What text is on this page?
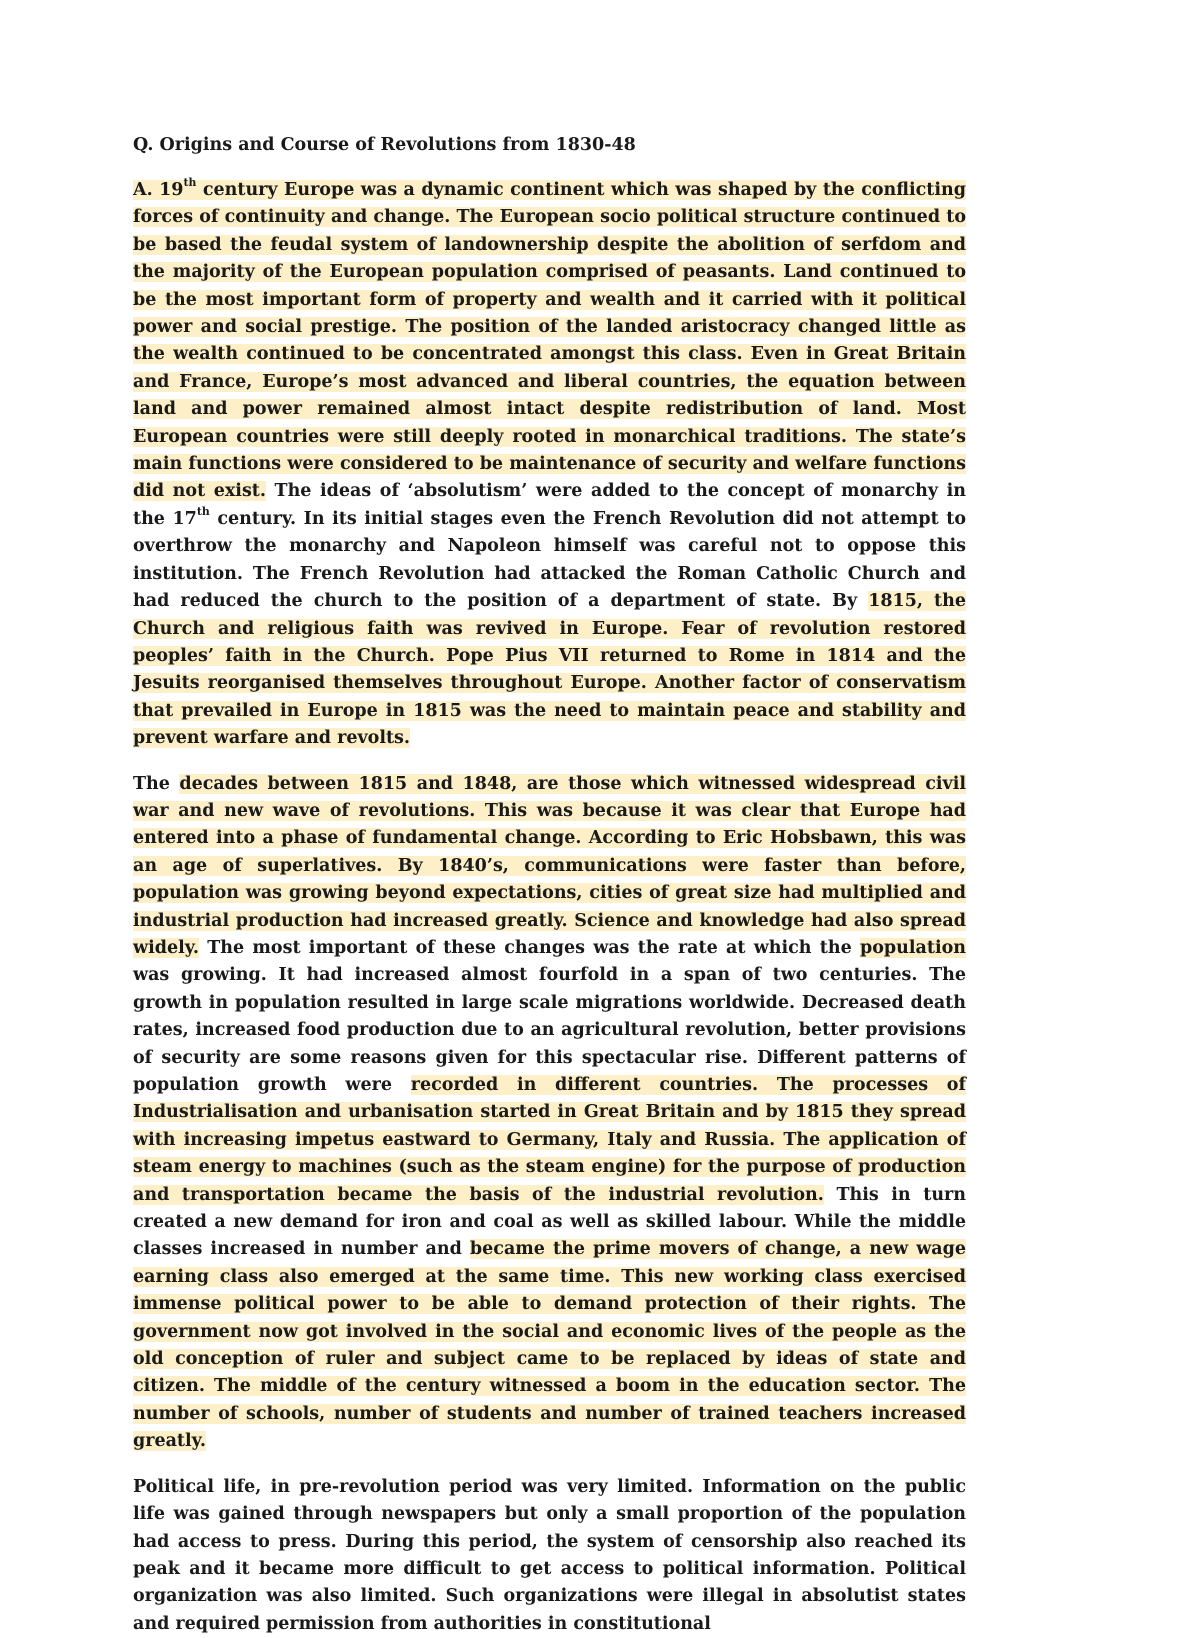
Q. Origins and Course of Revolutions from 1830-48

A. 19th century Europe was a dynamic continent which was shaped by the conflicting forces of continuity and change. The European socio political structure continued to be based the feudal system of landownership despite the abolition of serfdom and the majority of the European population comprised of peasants. Land continued to be the most important form of property and wealth and it carried with it political power and social prestige. The position of the landed aristocracy changed little as the wealth continued to be concentrated amongst this class. Even in Great Britain and France, Europe’s most advanced and liberal countries, the equation between land and power remained almost intact despite redistribution of land. Most European countries were still deeply rooted in monarchical traditions. The state’s main functions were considered to be maintenance of security and welfare functions did not exist. The ideas of ‘absolutism’ were added to the concept of monarchy in the 17th century. In its initial stages even the French Revolution did not attempt to overthrow the monarchy and Napoleon himself was careful not to oppose this institution. The French Revolution had attacked the Roman Catholic Church and had reduced the church to the position of a department of state. By 1815, the Church and religious faith was revived in Europe. Fear of revolution restored peoples’ faith in the Church. Pope Pius VII returned to Rome in 1814 and the Jesuits reorganised themselves throughout Europe. Another factor of conservatism that prevailed in Europe in 1815 was the need to maintain peace and stability and prevent warfare and revolts.

The decades between 1815 and 1848, are those which witnessed widespread civil war and new wave of revolutions. This was because it was clear that Europe had entered into a phase of fundamental change. According to Eric Hobsbawn, this was an age of superlatives. By 1840’s, communications were faster than before, population was growing beyond expectations, cities of great size had multiplied and industrial production had increased greatly. Science and knowledge had also spread widely. The most important of these changes was the rate at which the population was growing. It had increased almost fourfold in a span of two centuries. The growth in population resulted in large scale migrations worldwide. Decreased death rates, increased food production due to an agricultural revolution, better provisions of security are some reasons given for this spectacular rise. Different patterns of population growth were recorded in different countries. The processes of Industrialisation and urbanisation started in Great Britain and by 1815 they spread with increasing impetus eastward to Germany, Italy and Russia. The application of steam energy to machines (such as the steam engine) for the purpose of production and transportation became the basis of the industrial revolution. This in turn created a new demand for iron and coal as well as skilled labour. While the middle classes increased in number and became the prime movers of change, a new wage earning class also emerged at the same time. This new working class exercised immense political power to be able to demand protection of their rights. The government now got involved in the social and economic lives of the people as the old conception of ruler and subject came to be replaced by ideas of state and citizen. The middle of the century witnessed a boom in the education sector. The number of schools, number of students and number of trained teachers increased greatly.

Political life, in pre-revolution period was very limited. Information on the public life was gained through newspapers but only a small proportion of the population had access to press. During this period, the system of censorship also reached its peak and it became more difficult to get access to political information. Political organization was also limited. Such organizations were illegal in absolutist states and required permission from authorities in constitutional
